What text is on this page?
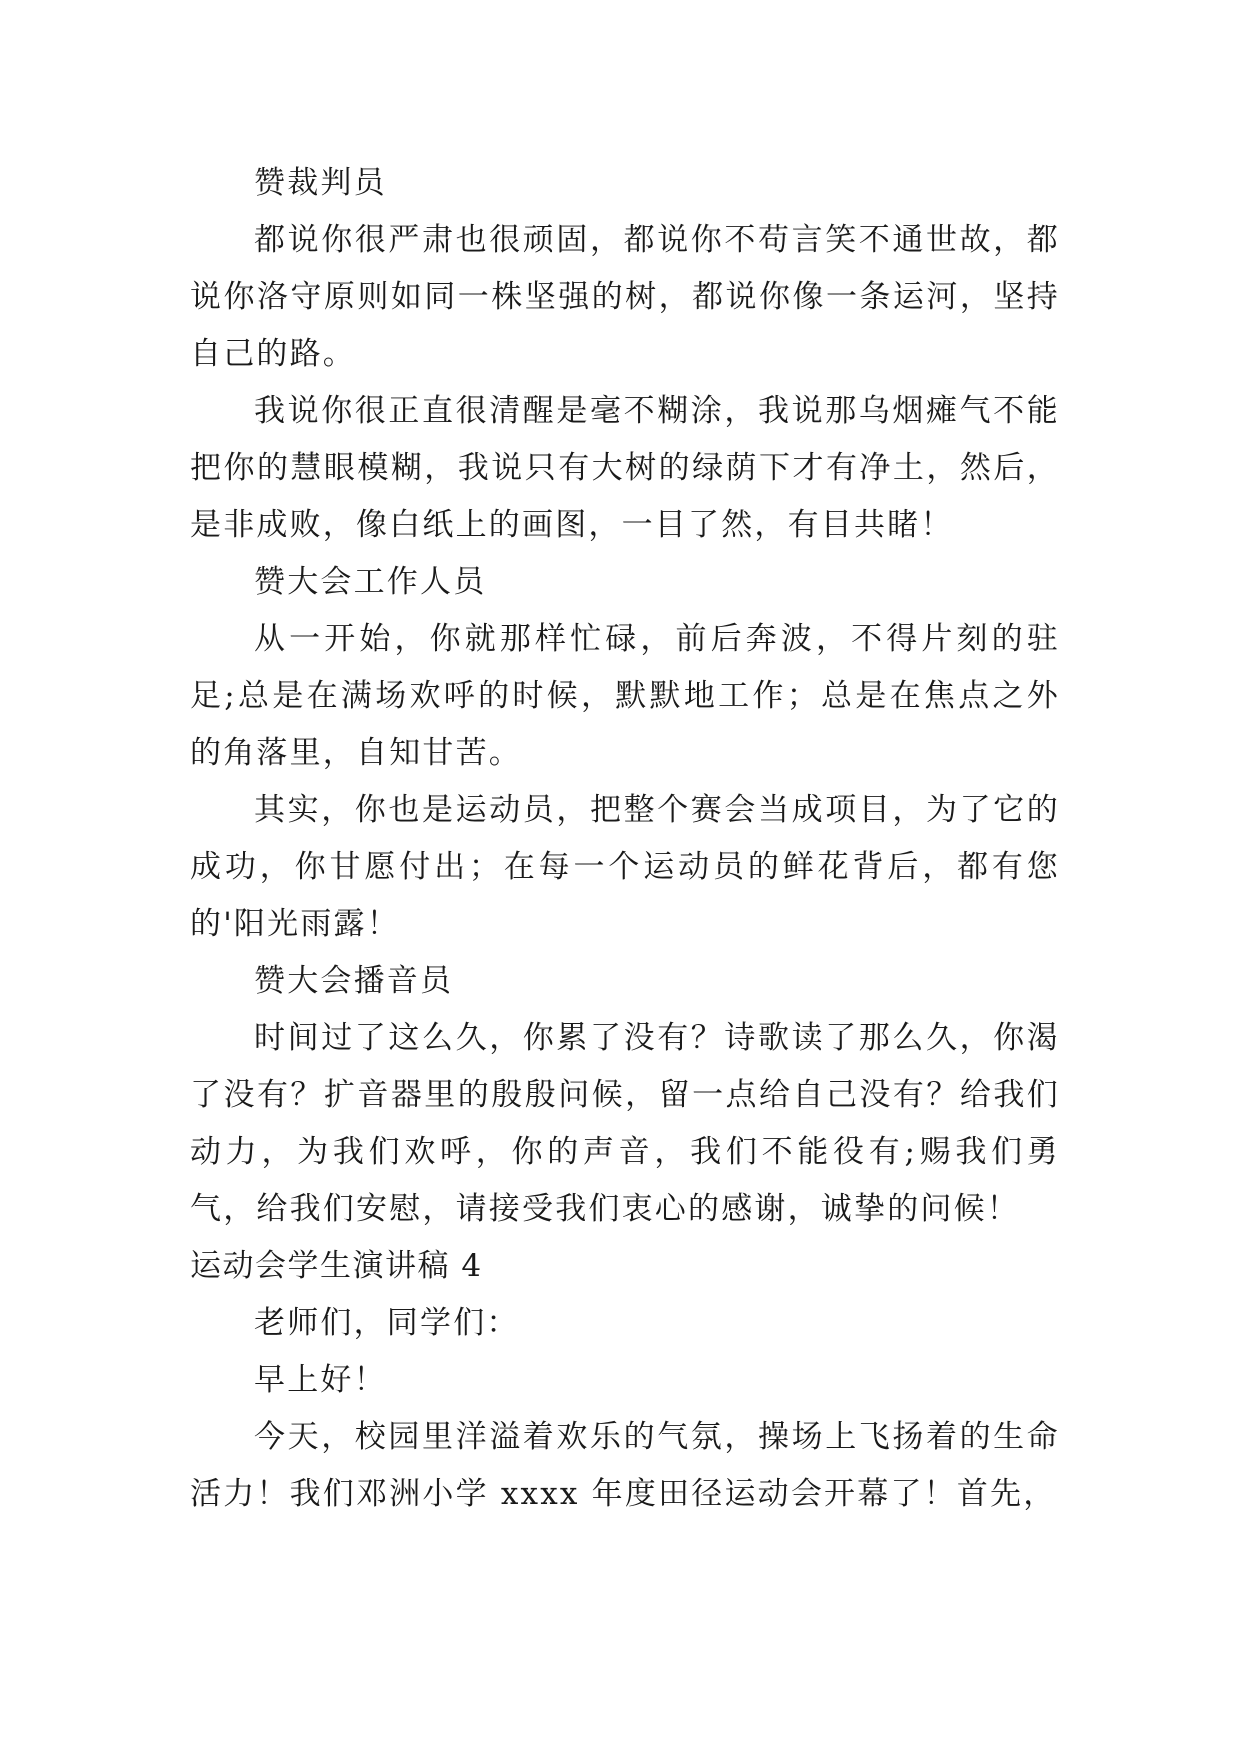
赞裁判员

都说你很严肃也很顽固，都说你不苟言笑不通世故，都说你洛守原则如同一株坚强的树，都说你像一条运河，坚持自己的路。

我说你很正直很清醒是毫不糊涂，我说那乌烟瘫气不能把你的慧眼模糊，我说只有大树的绿荫下才有净土，然后，是非成败，像白纸上的画图，一目了然，有目共睹！

赞大会工作人员

从一开始，你就那样忙碌，前后奔波，不得片刻的驻足;总是在满场欢呼的时候，默默地工作；总是在焦点之外的角落里，自知甘苦。

其实，你也是运动员，把整个赛会当成项目，为了它的成功，你甘愿付出；在每一个运动员的鲜花背后，都有您的'阳光雨露！

赞大会播音员

时间过了这么久，你累了没有？诗歌读了那么久，你渴了没有？扩音器里的殷殷问候，留一点给自己没有？给我们动力，为我们欢呼，你的声音，我们不能役有;赐我们勇气，给我们安慰，请接受我们衷心的感谢，诚挚的问候！

运动会学生演讲稿 4

老师们，同学们：

早上好！

今天，校园里洋溢着欢乐的气氛，操场上飞扬着的生命活力！我们邓洲小学 xxxx 年度田径运动会开幕了！首先，
